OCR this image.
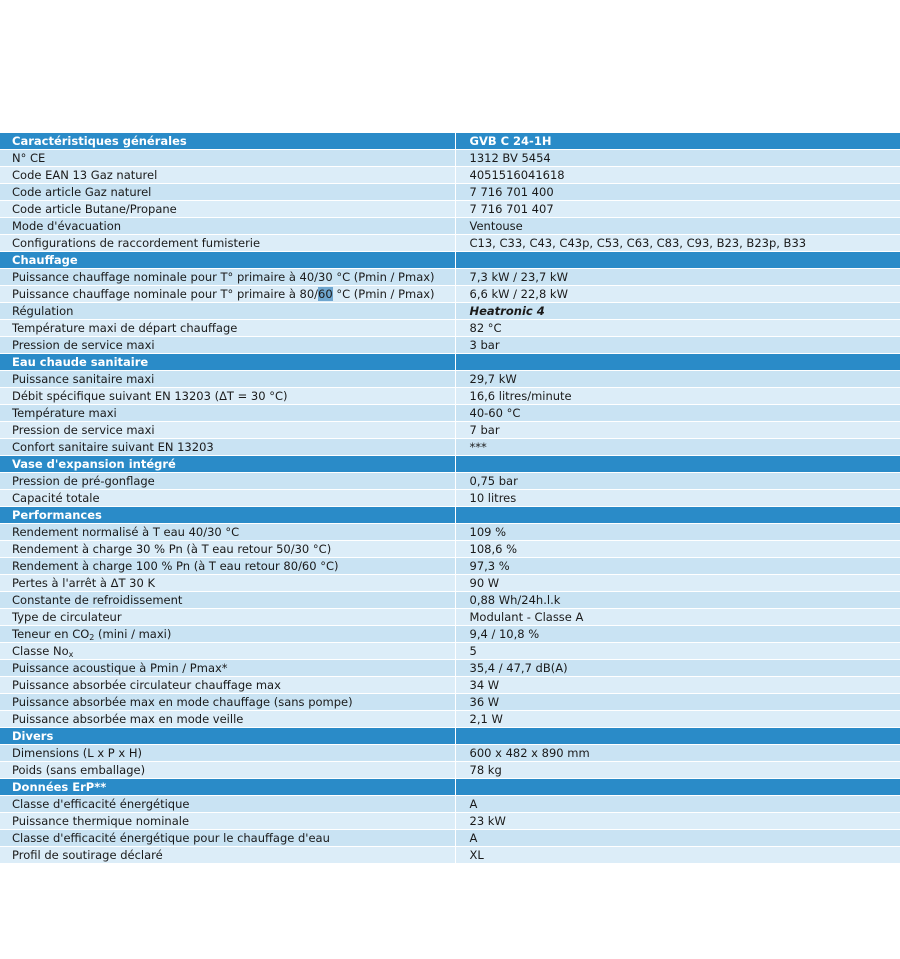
Caractéristiques générales	GVB C 24-1H
N° CE	1312 BV 5454
Code EAN 13 Gaz naturel	4051516041618
Code article Gaz naturel	7 716 701 400
Code article Butane/Propane	7 716 701 407
Mode d'évacuation	Ventouse
Configurations de raccordement fumisterie	C13, C33, C43, C43p, C53, C63, C83, C93, B23, B23p, B33
Chauffage	
Puissance chauffage nominale pour T° primaire à 40/30 °C (Pmin / Pmax)	7,3 kW / 23,7 kW
Puissance chauffage nominale pour T° primaire à 80/60 °C (Pmin / Pmax)	6,6 kW / 22,8 kW
Régulation	Heatronic 4
Température maxi de départ chauffage	82 °C
Pression de service maxi	3 bar
Eau chaude sanitaire	
Puissance sanitaire maxi	29,7 kW
Débit spécifique suivant EN 13203 (ΔT = 30 °C)	16,6 litres/minute
Température maxi	40-60 °C
Pression de service maxi	7 bar
Confort sanitaire suivant EN 13203	***
Vase d'expansion intégré	
Pression de pré-gonflage	0,75 bar
Capacité totale	10 litres
Performances	
Rendement normalisé à T eau 40/30 °C	109 %
Rendement à charge 30 % Pn (à T eau retour 50/30 °C)	108,6 %
Rendement à charge 100 % Pn (à T eau retour 80/60 °C)	97,3 %
Pertes à l'arrêt à ΔT 30 K	90 W
Constante de refroidissement	0,88 Wh/24h.l.k
Type de circulateur	Modulant - Classe A
Teneur en $CO_2$ (mini / maxi)	9,4 / 10,8 %
Classe $No_x$	5
Puissance acoustique à Pmin / Pmax*	35,4 / 47,7 dB(A)
Puissance absorbée circulateur chauffage max	34 W
Puissance absorbée max en mode chauffage (sans pompe)	36 W
Puissance absorbée max en mode veille	2,1 W
Divers	
Dimensions (L x P x H)	600 x 482 x 890 mm
Poids (sans emballage)	78 kg
Données ErP**	
Classe d'efficacité énergétique	A
Puissance thermique nominale	23 kW
Classe d'efficacité énergétique pour le chauffage d'eau	A
Profil de soutirage déclaré	XL
